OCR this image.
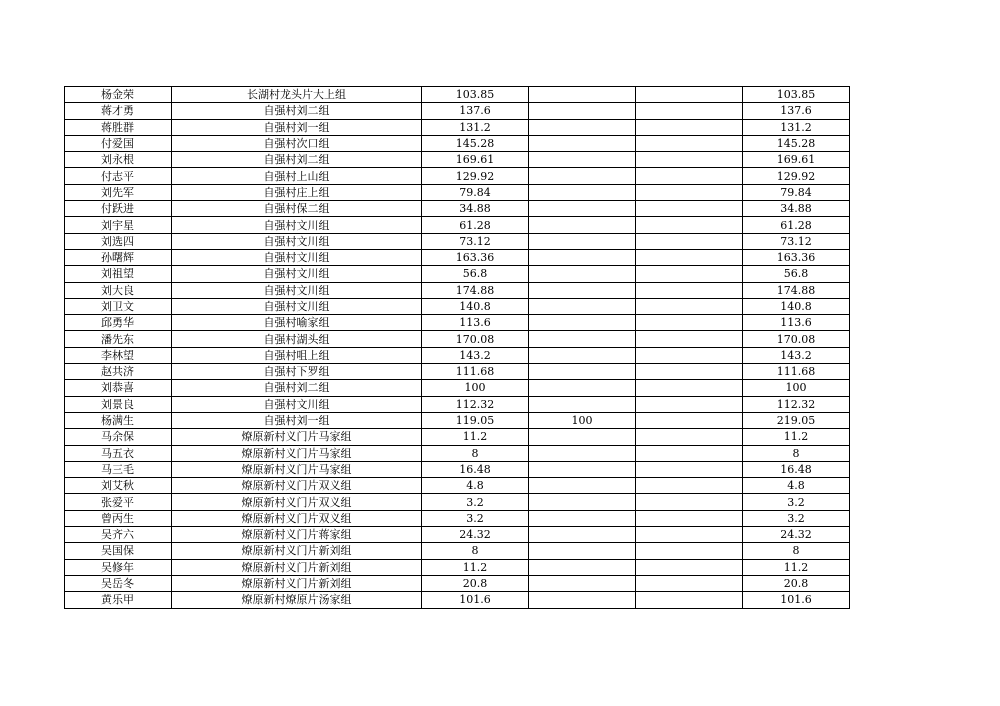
杨金荣	长湖村龙头片大上组	103.85			103.85
蒋才勇	自强村刘二组	137.6			137.6
蒋胜群	自强村刘一组	131.2			131.2
付爱国	自强村次口组	145.28			145.28
刘永根	自强村刘二组	169.61			169.61
付志平	自强村上山组	129.92			129.92
刘先军	自强村庄上组	79.84			79.84
付跃进	自强村保二组	34.88			34.88
刘宇星	自强村文川组	61.28			61.28
刘选四	自强村文川组	73.12			73.12
孙曙辉	自强村文川组	163.36			163.36
刘祖望	自强村文川组	56.8			56.8
刘大良	自强村文川组	174.88			174.88
刘卫文	自强村文川组	140.8			140.8
邱勇华	自强村喻家组	113.6			113.6
潘先东	自强村湖头组	170.08			170.08
李林望	自强村咀上组	143.2			143.2
赵共济	自强村下罗组	111.68			111.68
刘恭喜	自强村刘二组	100			100
刘景良	自强村文川组	112.32			112.32
杨满生	自强村刘一组	119.05	100		219.05
马余保	燎原新村义门片马家组	11.2			11.2
马五衣	燎原新村义门片马家组	8			8
马三毛	燎原新村义门片马家组	16.48			16.48
刘艾秋	燎原新村义门片双义组	4.8			4.8
张爱平	燎原新村义门片双义组	3.2			3.2
曾丙生	燎原新村义门片双义组	3.2			3.2
吴齐六	燎原新村义门片蒋家组	24.32			24.32
吴国保	燎原新村义门片新刘组	8			8
吴修年	燎原新村义门片新刘组	11.2			11.2
吴岳冬	燎原新村义门片新刘组	20.8			20.8
黄乐甲	燎原新村燎原片汤家组	101.6			101.6
